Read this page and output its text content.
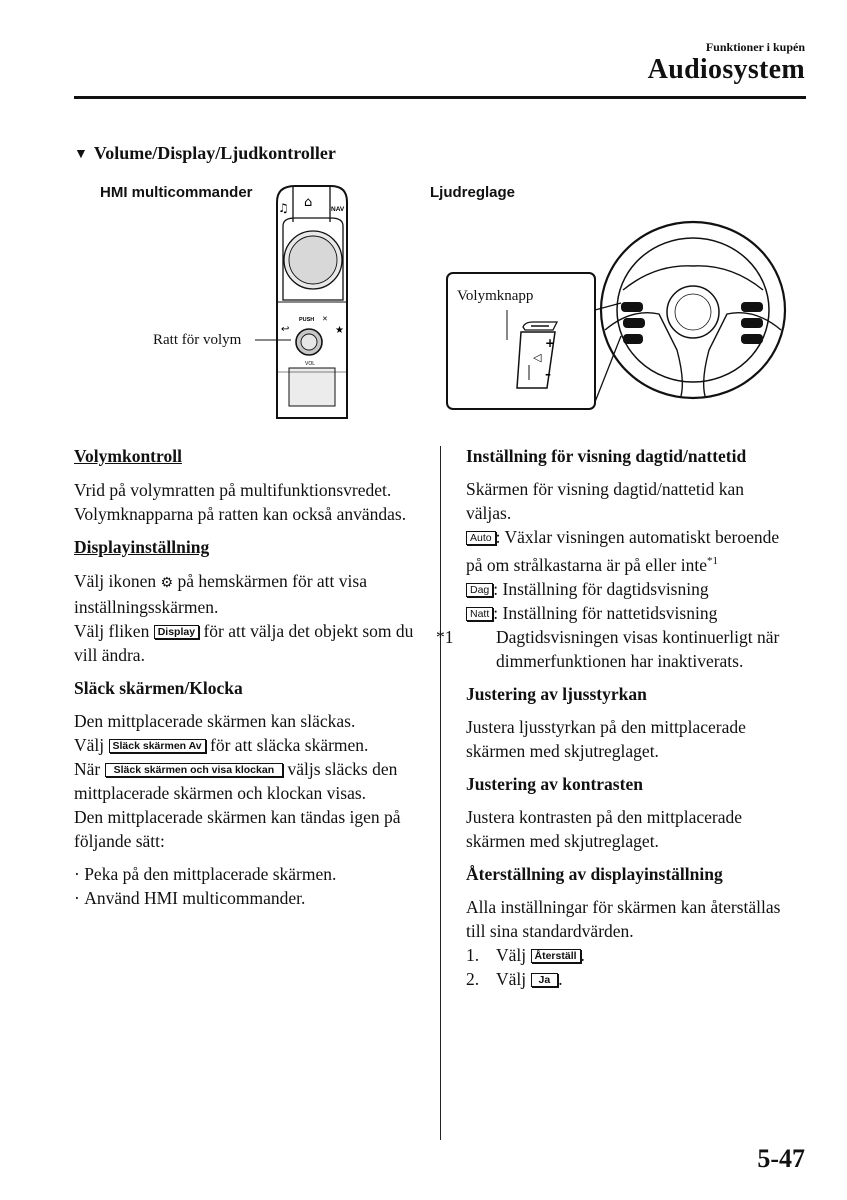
Funktioner i kupén
Audiosystem
▼ Volume/Display/Ljudkontroller
HMI multicommander
Ratt för volym
♫ ⌂	NAV
PUSH ✕
↩	★
VOL
Ljudreglage
+
◁
–
Volymknapp

Volymkontroll

Vrid på volymratten på multifunktionsvredet. Volymknapparna på ratten kan också användas.

Displayinställning

Välj ikonen ⚙ på hemskärmen för att visa inställningsskärmen.

Välj fliken Display för att välja det objekt som du vill ändra.

Släck skärmen/Klocka

Den mittplacerade skärmen kan släckas.

Välj Släck skärmen Av för att släcka skärmen.

När Släck skärmen och visa klockan väljs släcks den mittplacerade skärmen och klockan visas.

Den mittplacerade skärmen kan tändas igen på följande sätt:

· Peka på den mittplacerade skärmen.

· Använd HMI multicommander.

Inställning för visning dagtid/nattetid

Skärmen för visning dagtid/nattetid kan väljas.

Auto : Växlar visningen automatiskt beroende på om strålkastarna är på eller inte$^{*1}$

Dag : Inställning för dagtidsvisning

Natt : Inställning för nattetidsvisning

*1 Dagtidsvisningen visas kontinuerligt när dimmerfunktionen har inaktiverats.

Justering av ljusstyrkan

Justera ljusstyrkan på den mittplacerade skärmen med skjutreglaget.

Justering av kontrasten

Justera kontrasten på den mittplacerade skärmen med skjutreglaget.

Återställning av displayinställning

Alla inställningar för skärmen kan återställas till sina standardvärden.

1. Välj Återställ .

2. Välj Ja .

5-47
